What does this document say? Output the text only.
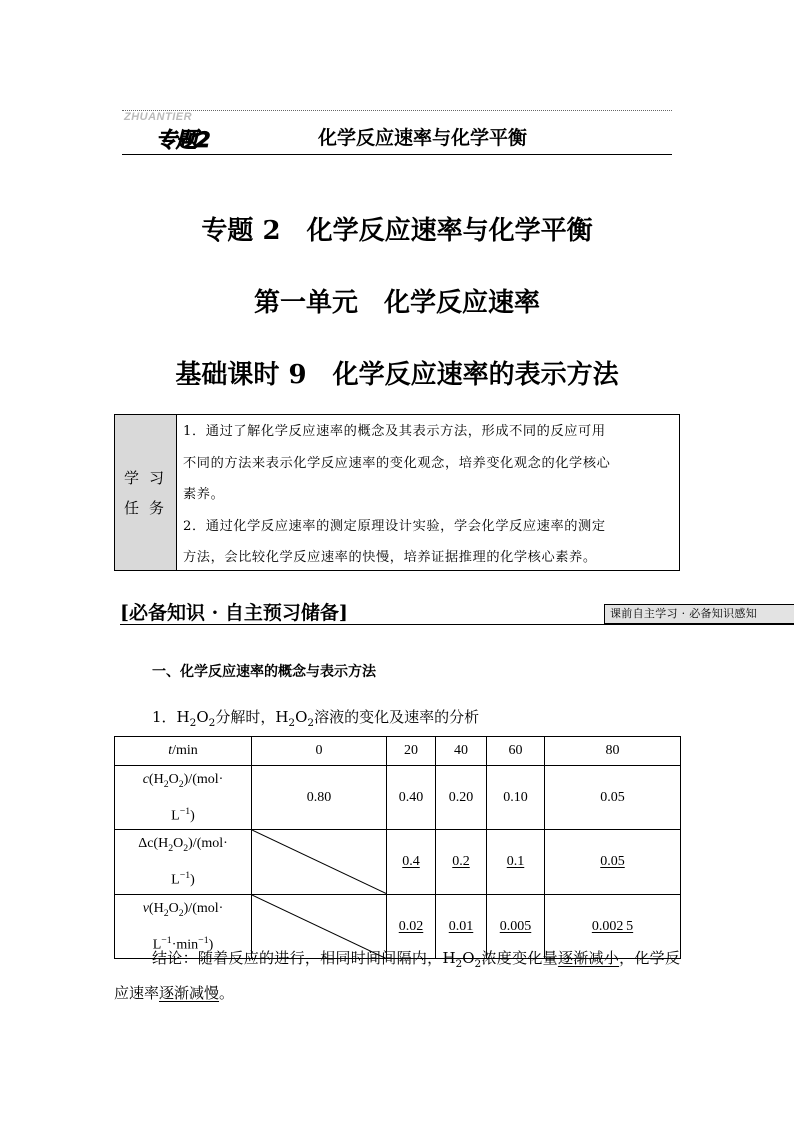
ZHUANTIER
专题2	化学反应速率与化学平衡
专题 2　化学反应速率与化学平衡
第一单元　化学反应速率
基础课时 9　化学反应速率的表示方法
学 习
任 务
1．通过了解化学反应速率的概念及其表示方法，形成不同的反应可用
不同的方法来表示化学反应速率的变化观念，培养变化观念的化学核心
素养。
2．通过化学反应速率的测定原理设计实验，学会化学反应速率的测定
方法，会比较化学反应速率的快慢，培养证据推理的化学核心素养。
[必备知识 · 自主预习储备]	课前自主学习 · 必备知识感知
一、化学反应速率的概念与表示方法
1．$H_2O_2$分解时，$H_2O_2$溶液的变化及速率的分析
t/min	0	20	40	60	80
$c(H_2O_2)/(mol\cdot$
$L^{-1}$)	0.80	0.40	0.20	0.10	0.05
$\Delta c(H_2O_2)/(mol\cdot$
$L^{-1}$)		0.4	0.2	0.1	0.05
$v(H_2O_2)/(mol\cdot$
$L^{-1}\cdot\min^{-1}$)		0.02	0.01	0.005	0.002 5
结论：随着反应的进行，相同时间间隔内，$H_2O_2$浓度变化量逐渐减小，化学反应速率逐渐减慢。
